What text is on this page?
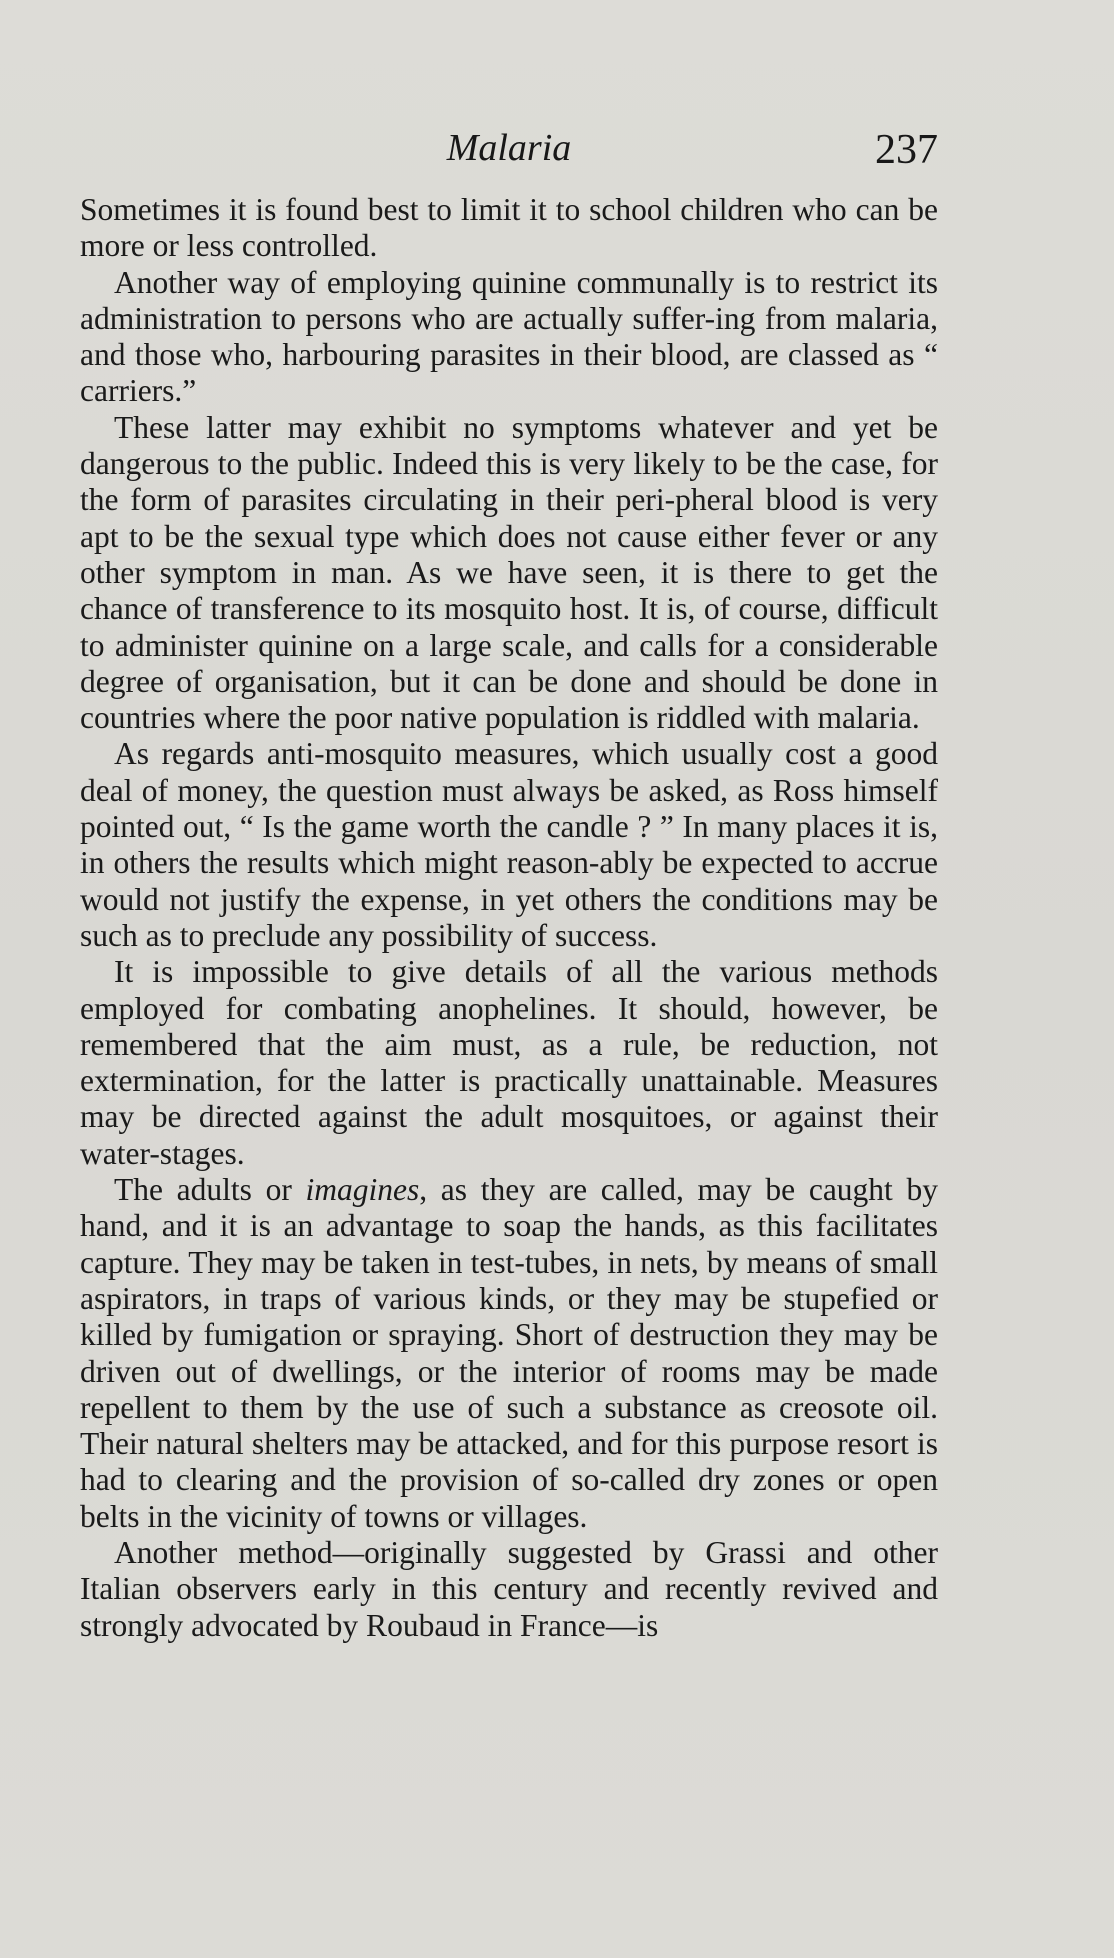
Malaria	237

Sometimes it is found best to limit it to school children who can be more or less controlled.

Another way of employing quinine communally is to restrict its administration to persons who are actually suffer-ing from malaria, and those who, harbouring parasites in their blood, are classed as “ carriers.”

These latter may exhibit no symptoms whatever and yet be dangerous to the public. Indeed this is very likely to be the case, for the form of parasites circulating in their peri-pheral blood is very apt to be the sexual type which does not cause either fever or any other symptom in man. As we have seen, it is there to get the chance of transference to its mosquito host. It is, of course, difficult to administer quinine on a large scale, and calls for a considerable degree of organisation, but it can be done and should be done in countries where the poor native population is riddled with malaria.

As regards anti-mosquito measures, which usually cost a good deal of money, the question must always be asked, as Ross himself pointed out, “ Is the game worth the candle ? ” In many places it is, in others the results which might reason-ably be expected to accrue would not justify the expense, in yet others the conditions may be such as to preclude any possibility of success.

It is impossible to give details of all the various methods employed for combating anophelines. It should, however, be remembered that the aim must, as a rule, be reduction, not extermination, for the latter is practically unattainable. Measures may be directed against the adult mosquitoes, or against their water-stages.

The adults or imagines, as they are called, may be caught by hand, and it is an advantage to soap the hands, as this facilitates capture. They may be taken in test-tubes, in nets, by means of small aspirators, in traps of various kinds, or they may be stupefied or killed by fumigation or spraying. Short of destruction they may be driven out of dwellings, or the interior of rooms may be made repellent to them by the use of such a substance as creosote oil. Their natural shelters may be attacked, and for this purpose resort is had to clearing and the provision of so-called dry zones or open belts in the vicinity of towns or villages.

Another method—originally suggested by Grassi and other Italian observers early in this century and recently revived and strongly advocated by Roubaud in France—is
